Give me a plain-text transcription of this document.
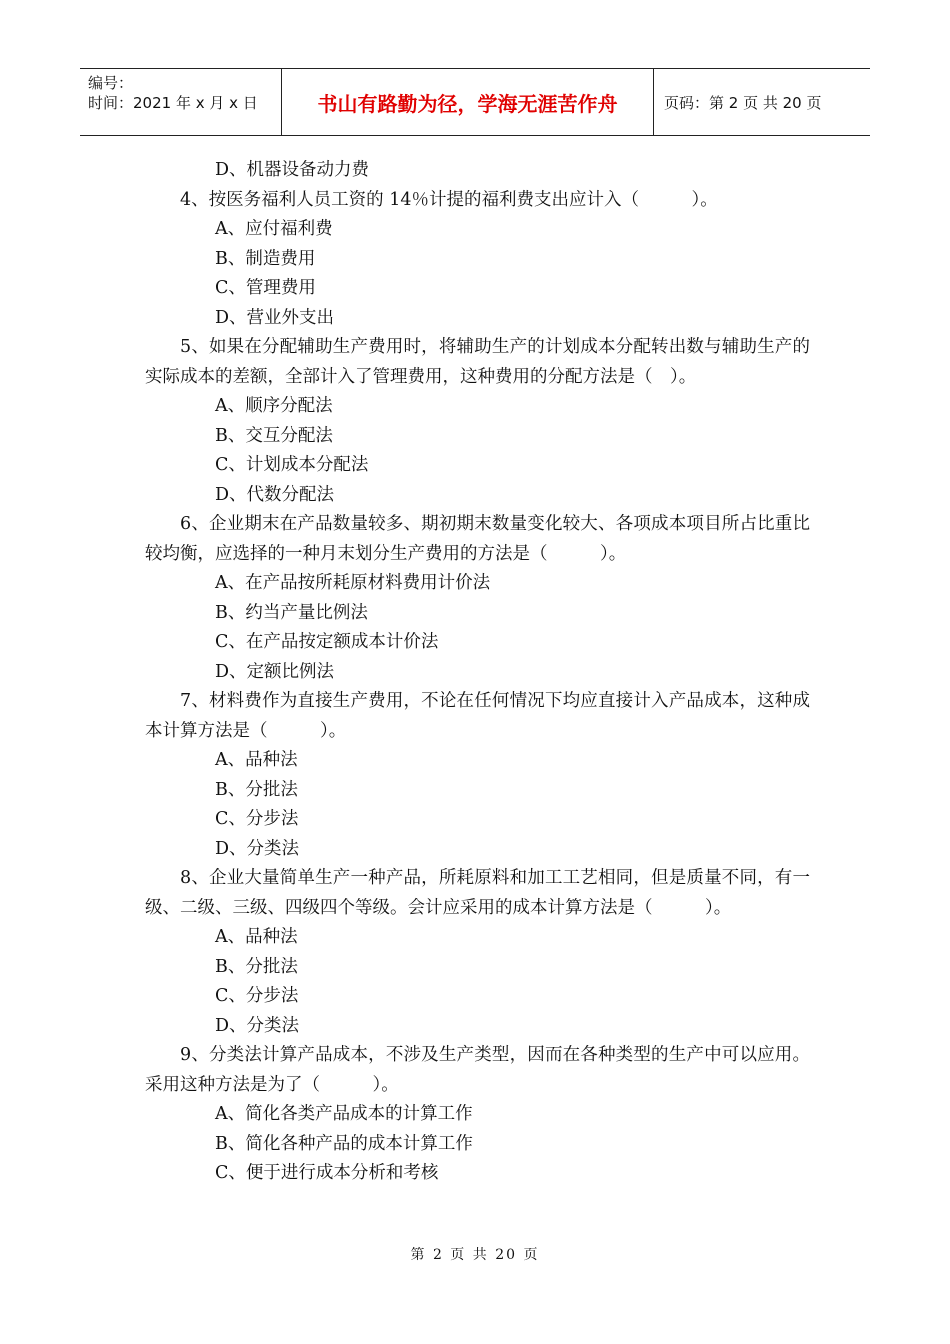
编号：
时间：2021 年 x 月 x 日	书山有路勤为径，学海无涯苦作舟	页码：第 2 页 共 20 页

D、机器设备动力费

4、按医务福利人员工资的 14％计提的福利费支出应计入（　　　）。

A、应付福利费

B、制造费用

C、管理费用

D、营业外支出

5、如果在分配辅助生产费用时，将辅助生产的计划成本分配转出数与辅助生产的实际成本的差额，全部计入了管理费用，这种费用的分配方法是（　）。

A、顺序分配法

B、交互分配法

C、计划成本分配法

D、代数分配法

6、企业期末在产品数量较多、期初期末数量变化较大、各项成本项目所占比重比较均衡，应选择的一种月末划分生产费用的方法是（　　　）。

A、在产品按所耗原材料费用计价法

B、约当产量比例法

C、在产品按定额成本计价法

D、定额比例法

7、材料费作为直接生产费用，不论在任何情况下均应直接计入产品成本，这种成本计算方法是（　　　）。

A、品种法

B、分批法

C、分步法

D、分类法

8、企业大量简单生产一种产品，所耗原料和加工工艺相同，但是质量不同，有一级、二级、三级、四级四个等级。会计应采用的成本计算方法是（　　　）。

A、品种法

B、分批法

C、分步法

D、分类法

9、分类法计算产品成本，不涉及生产类型，因而在各种类型的生产中可以应用。采用这种方法是为了（　　　）。

A、简化各类产品成本的计算工作

B、简化各种产品的成本计算工作

C、便于进行成本分析和考核

第 2 页 共 20 页
